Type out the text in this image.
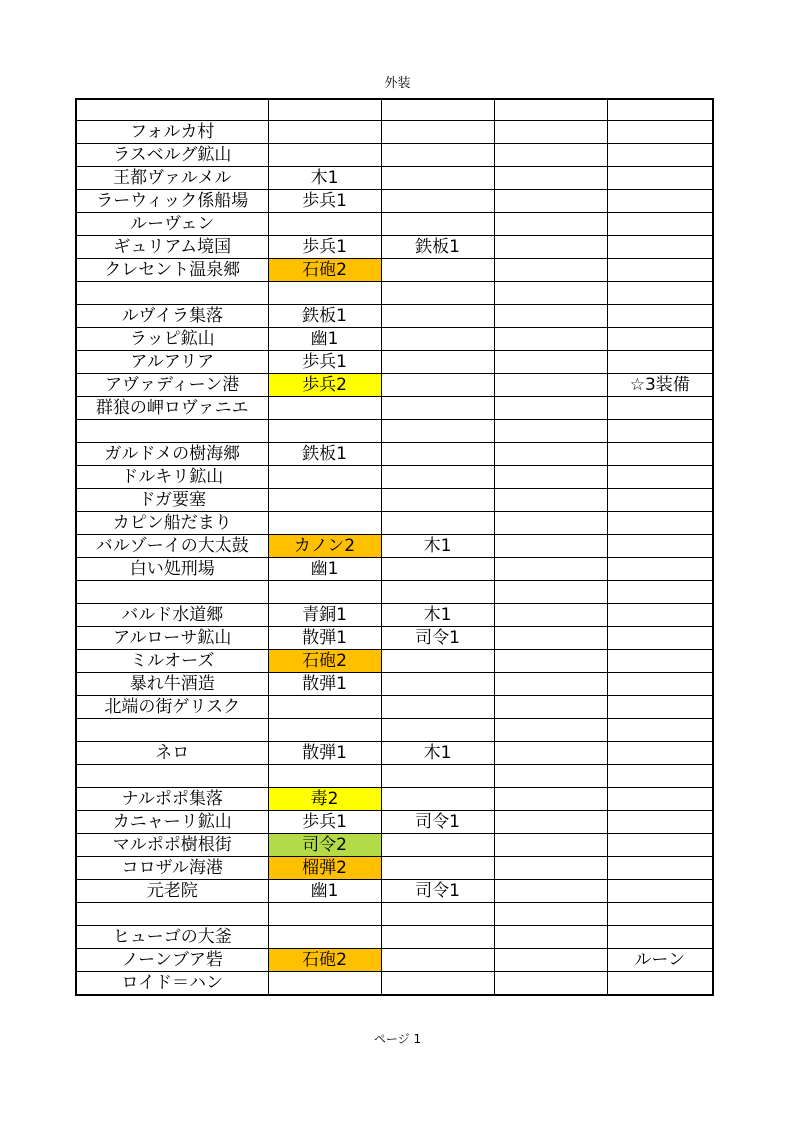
外装

フォルカ村				
ラスベルグ鉱山				
王都ヴァルメル	木1			
ラーウィック係船場	歩兵1			
ルーヴェン				
ギュリアム境国	歩兵1	鉄板1		
クレセント温泉郷	石砲2			

ルヴイラ集落	鉄板1			
ラッピ鉱山	幽1			
アルアリア	歩兵1			
アヴァディーン港	歩兵2			☆3装備
群狼の岬ロヴァニエ				

ガルドメの樹海郷	鉄板1			
ドルキリ鉱山				
ドガ要塞				
カピン船だまり				
バルゾーイの大太鼓	カノン2	木1		
白い処刑場	幽1			

バルド水道郷	青銅1	木1		
アルローサ鉱山	散弾1	司令1		
ミルオーズ	石砲2			
暴れ牛酒造	散弾1			
北端の街ゲリスク				

ネロ	散弾1	木1		

ナルポポ集落	毒2			
カニャーリ鉱山	歩兵1	司令1		
マルポポ樹根街	司令2			
コロザル海港	榴弾2			
元老院	幽1	司令1		

ヒューゴの大釜				
ノーンブア砦	石砲2			ルーン
ロイド＝ハン				
ページ 1
